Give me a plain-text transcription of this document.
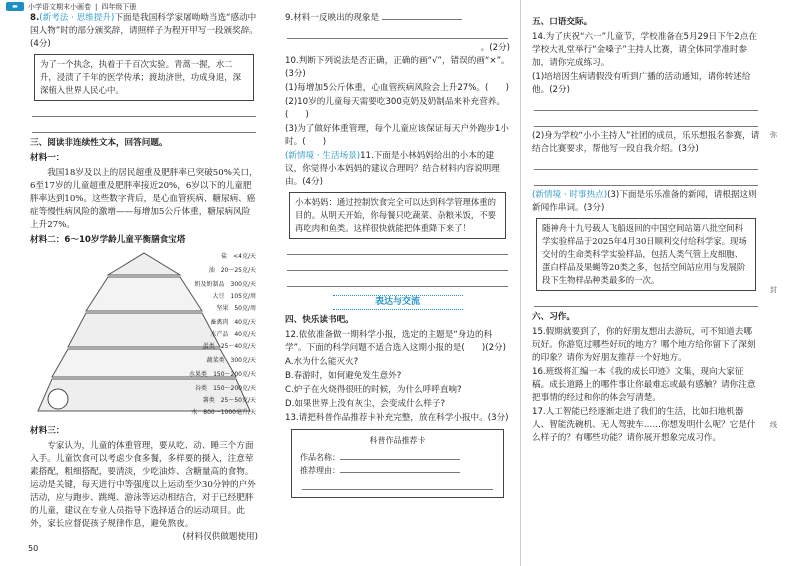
▬	小学语文期末小画卷 | 四年级下册

8.(新考法 · 思维提升)下面是我国科学家屠呦呦当选“感动中国人物”时的部分颁奖辞，请照样子为程开甲写一段颁奖辞。(4分)

为了一个执念，执着于千百次实验。青蒿一握，水二升，浸渍了千年的医学传承；渡劫济世，功成身退，深深植入世界人民心中。
三、阅读非连续性文本，回答问题。
材料一：
我国18岁及以上的居民超重及肥胖率已突破50%关口，6至17岁的儿童超重及肥胖率接近20%，6岁以下的儿童肥胖率达到10%。这些数字背后，是心血管疾病、糖尿病、癌症等慢性病风险的激增——每增加5公斤体重，糖尿病风险上升27%。
材料二：6～10岁学龄儿童平衡膳食宝塔
盐 <4克/天
油 20～25克/天
奶及奶制品 300克/天
大豆 105克/周
坚果 50克/周
畜禽肉 40克/天
水产品 40克/天
蛋类 25～40克/天
蔬菜类 300克/天
水果类 150～200克/天
谷类 150～200克/天
薯类 25～50克/天
水 800～1000毫升/天
材料三：
专家认为，儿童的体重管理，要从吃、动、睡三个方面入手。儿童饮食可以考虑少食多餐，多样要的摄入，注意荤素搭配，粗细搭配，要清淡，少吃油炸、含糖量高的食物。运动是关键，每天进行中等强度以上运动至少30分钟的户外活动，应与跑步、跳绳、游泳等运动相结合，对于已经肥胖的儿童，建议在专业人员指导下选择适合的运动项目。此外，家长应督促孩子规律作息，避免熬夜。
(材料仅供做题使用)

9.材料一反映出的现象是

。(2分)

10.判断下列说法是否正确，正确的画“√”，错误的画“×”。(3分)

(1)每增加5公斤体重，心血管疾病风险会上升27%。(　　)

(2)10岁的儿童每天需要吃300克奶及奶制品来补充营养。(　　)

(3)为了做好体重管理，每个儿童应该保证每天户外跑步1小时。(　　)

(新情境 · 生活场景)11.下面是小林妈妈给出的小本的建议，你觉得小本妈妈的建议合理吗？结合材料内容说明理由。(4分)

小本妈妈：通过控制饮食完全可以达到科学管理体重的目的。从明天开始，你每餐只吃蔬菜、杂粮米饭，不要再吃肉和鱼类。这样很快就能把体重降下来了！
表达与交流
四、快乐读书吧。

12.依依准备做一期科学小报，选定的主题是“身边的科学”。下面的科学问题不适合选入这期小报的是(　　)(2分)

A.水为什么能灭火?

B.春游时，如何避免发生意外?

C.炉子在火烧得很旺的时候，为什么呼呼直响?

D.如果世界上没有灰尘，会变成什么样子?

13.请把科普作品推荐卡补充完整，放在科学小报中。(3分)

科普作品推荐卡
作品名称：
推荐理由：
五、口语交际。

14.为了庆祝“六一”儿童节，学校准备在5月29日下午2点在学校大礼堂举行“金嗓子”主持人比赛，请全体同学准时参加，请你完成练习。

(1)培培因生病请假没有听到广播的活动通知，请你转述给他。(2分)

(2)身为学校“小小主持人”社团的成员，乐乐想报名参赛，请结合比赛要求，帮他写一段自我介绍。(3分)

(新情境 · 时事热点)(3)下面是乐乐准备的新闻，请根据这则新闻作串词。(3分)

随神舟十九号载人飞船返回的中国空间站第八批空间科学实验样品于2025年4月30日顺利交付给科学家。现场交付的生命类科学实验样品，包括人类气管上皮细胞、蛋白样品及果蝇等20类之多，包括空间站应用与发展阶段下生物样品种类最多的一次。
六、习作。

15.假期就要到了，你的好朋友想出去游玩，可不知道去哪玩好。你游览过哪些好玩的地方？哪个地方给你留下了深刻的印象？请你为好朋友推荐一个好地方。

16.班级将汇编一本《我的成长印迹》文集，现向大家征稿。成长道路上的哪件事让你最难忘或最有感触？请你注意把事情的经过和你的体会写清楚。

17.人工智能已经逐渐走进了我们的生活，比如扫地机器人、智能洗碗机、无人驾驶车……你想发明什么呢？它是什么样子的？有哪些功能？请你展开想象完成习作。

弥
封
线
50
